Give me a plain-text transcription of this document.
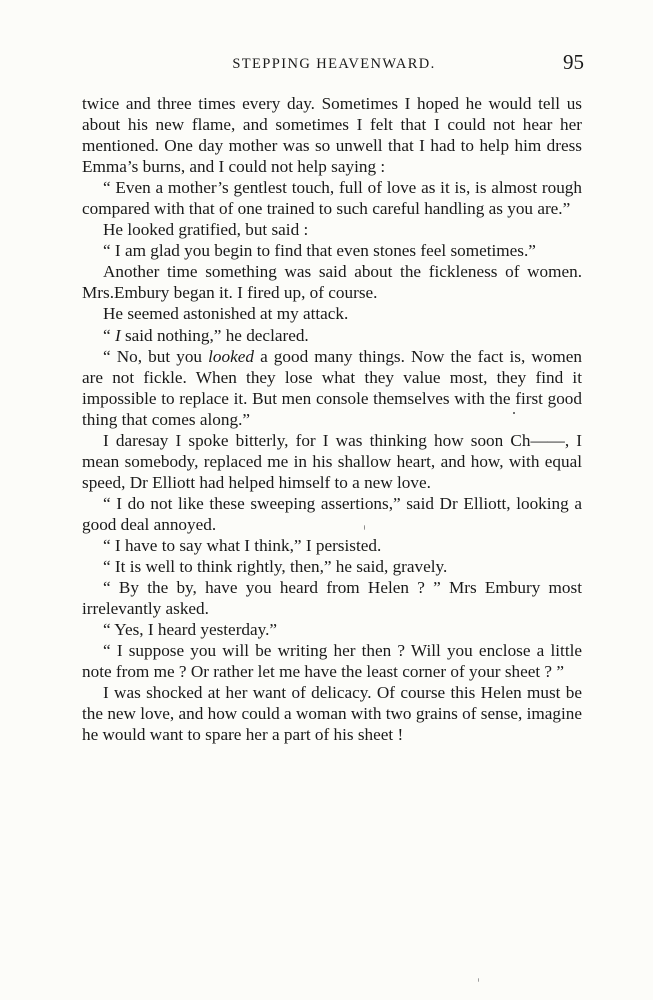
STEPPING HEAVENWARD.	95

twice and three times every day. Sometimes I hoped he would tell us about his new flame, and sometimes I felt that I could not hear her mentioned. One day mother was so unwell that I had to help him dress Emma’s burns, and I could not help saying :

“ Even a mother’s gentlest touch, full of love as it is, is almost rough compared with that of one trained to such careful handling as you are.”

He looked gratified, but said :

“ I am glad you begin to find that even stones feel sometimes.”

Another time something was said about the fickleness of women. Mrs.Embury began it. I fired up, of course.

He seemed astonished at my attack.

“ I said nothing,” he declared.

“ No, but you looked a good many things. Now the fact is, women are not fickle. When they lose what they value most, they find it impossible to replace it. But men console themselves with the first good thing that comes along.”

I daresay I spoke bitterly, for I was thinking how soon Ch——, I mean somebody, replaced me in his shallow heart, and how, with equal speed, Dr Elliott had helped himself to a new love.

“ I do not like these sweeping assertions,” said Dr Elliott, looking a good deal annoyed.

“ I have to say what I think,” I persisted.

“ It is well to think rightly, then,” he said, gravely.

“ By the by, have you heard from Helen ? ” Mrs Embury most irrelevantly asked.

“ Yes, I heard yesterday.”

“ I suppose you will be writing her then ? Will you enclose a little note from me ? Or rather let me have the least corner of your sheet ? ”

I was shocked at her want of delicacy. Of course this Helen must be the new love, and how could a woman with two grains of sense, imagine he would want to spare her a part of his sheet !
